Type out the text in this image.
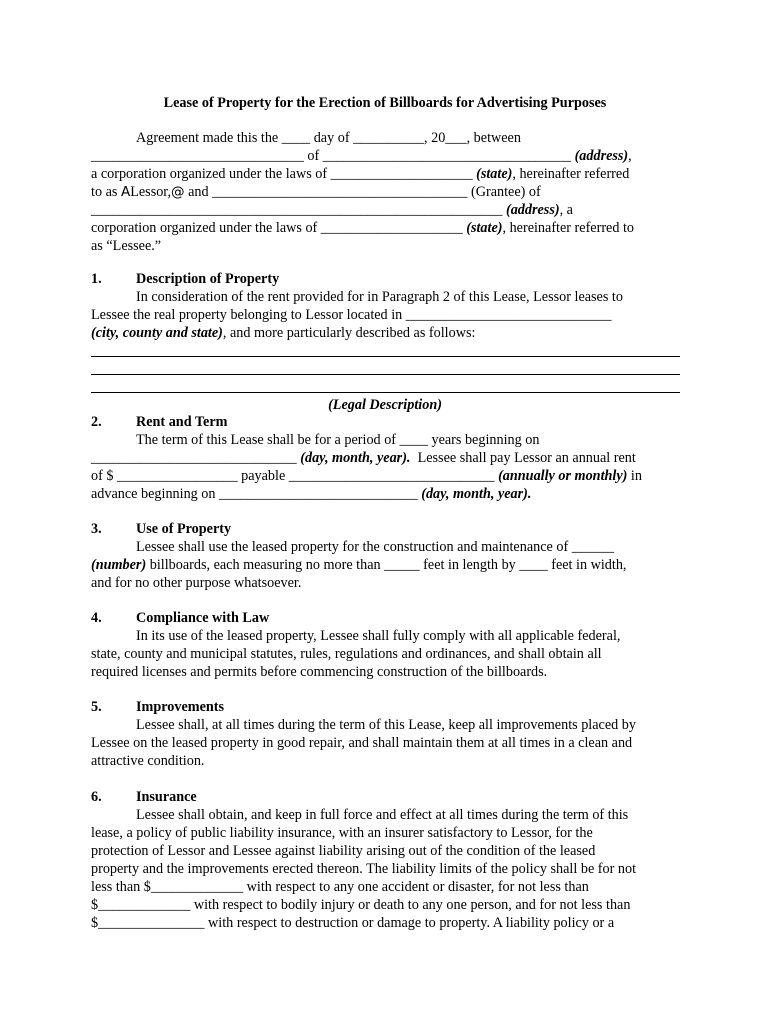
Lease of Property for the Erection of Billboards for Advertising Purposes

Agreement made this the ____ day of __________, 20___, between

______________________________ of ___________________________________ (address),

a corporation organized under the laws of ____________________ (state), hereinafter referred

to as ALessor,@ and ____________________________________ (Grantee) of

__________________________________________________________ (address), a

corporation organized under the laws of ____________________ (state), hereinafter referred to

as “Lessee.”

1. Description of Property

In consideration of the rent provided for in Paragraph 2 of this Lease, Lessor leases to

Lessee the real property belonging to Lessor located in _____________________________

(city, county and state), and more particularly described as follows:

(Legal Description)

2. Rent and Term

The term of this Lease shall be for a period of ____ years beginning on

_____________________________ (day, month, year).  Lessee shall pay Lessor an annual rent

of $ _________________ payable _____________________________ (annually or monthly) in

advance beginning on ____________________________ (day, month, year).

3. Use of Property

Lessee shall use the leased property for the construction and maintenance of ______

(number) billboards, each measuring no more than _____ feet in length by ____ feet in width,

and for no other purpose whatsoever.

4. Compliance with Law

In its use of the leased property, Lessee shall fully comply with all applicable federal,

state, county and municipal statutes, rules, regulations and ordinances, and shall obtain all

required licenses and permits before commencing construction of the billboards.

5. Improvements

Lessee shall, at all times during the term of this Lease, keep all improvements placed by

Lessee on the leased property in good repair, and shall maintain them at all times in a clean and

attractive condition.

6. Insurance

Lessee shall obtain, and keep in full force and effect at all times during the term of this

lease, a policy of public liability insurance, with an insurer satisfactory to Lessor, for the

protection of Lessor and Lessee against liability arising out of the condition of the leased

property and the improvements erected thereon. The liability limits of the policy shall be for not

less than $_____________ with respect to any one accident or disaster, for not less than

$_____________ with respect to bodily injury or death to any one person, and for not less than

$_______________ with respect to destruction or damage to property. A liability policy or a
